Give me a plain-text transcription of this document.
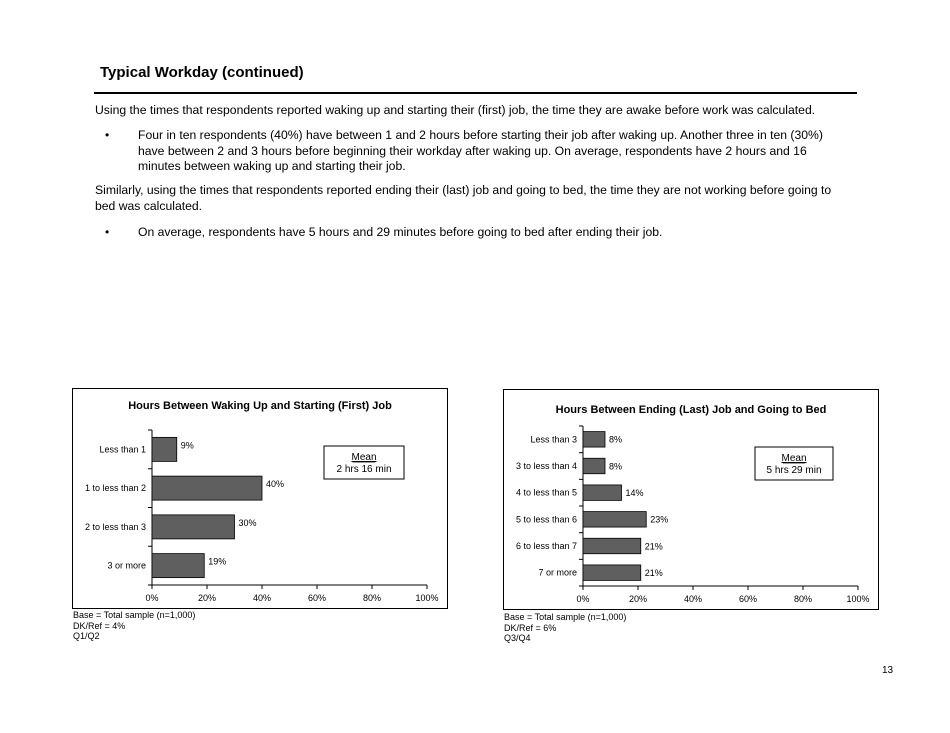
Typical Workday (continued)
Using the times that respondents reported waking up and starting their (first) job, the time they are awake before work was calculated.
• Four in ten respondents (40%) have between 1 and 2 hours before starting their job after waking up. Another three in ten (30%) have between 2 and 3 hours before beginning their workday after waking up. On average, respondents have 2 hours and 16 minutes between waking up and starting their job.
Similarly, using the times that respondents reported ending their (last) job and going to bed, the time they are not working before going to bed was calculated.
• On average, respondents have 5 hours and 29 minutes before going to bed after ending their job.
Hours Between Waking Up and Starting (First) Job
0%	20%	40%	60%	80%	100%
Less than 1	9%
1 to less than 2	40%
2 to less than 3	30%
3 or more	19%
Mean
2 hrs 16 min
Base = Total sample (n=1,000)
DK/Ref = 4%
Q1/Q2
Hours Between Ending (Last) Job and Going to Bed
0%	20%	40%	60%	80%	100%
Less than 3	8%
3 to less than 4	8%
4 to less than 5	14%
5 to less than 6	23%
6 to less than 7	21%
7 or more	21%
Mean
5 hrs 29 min
Base = Total sample (n=1,000)
DK/Ref = 6%
Q3/Q4
13
